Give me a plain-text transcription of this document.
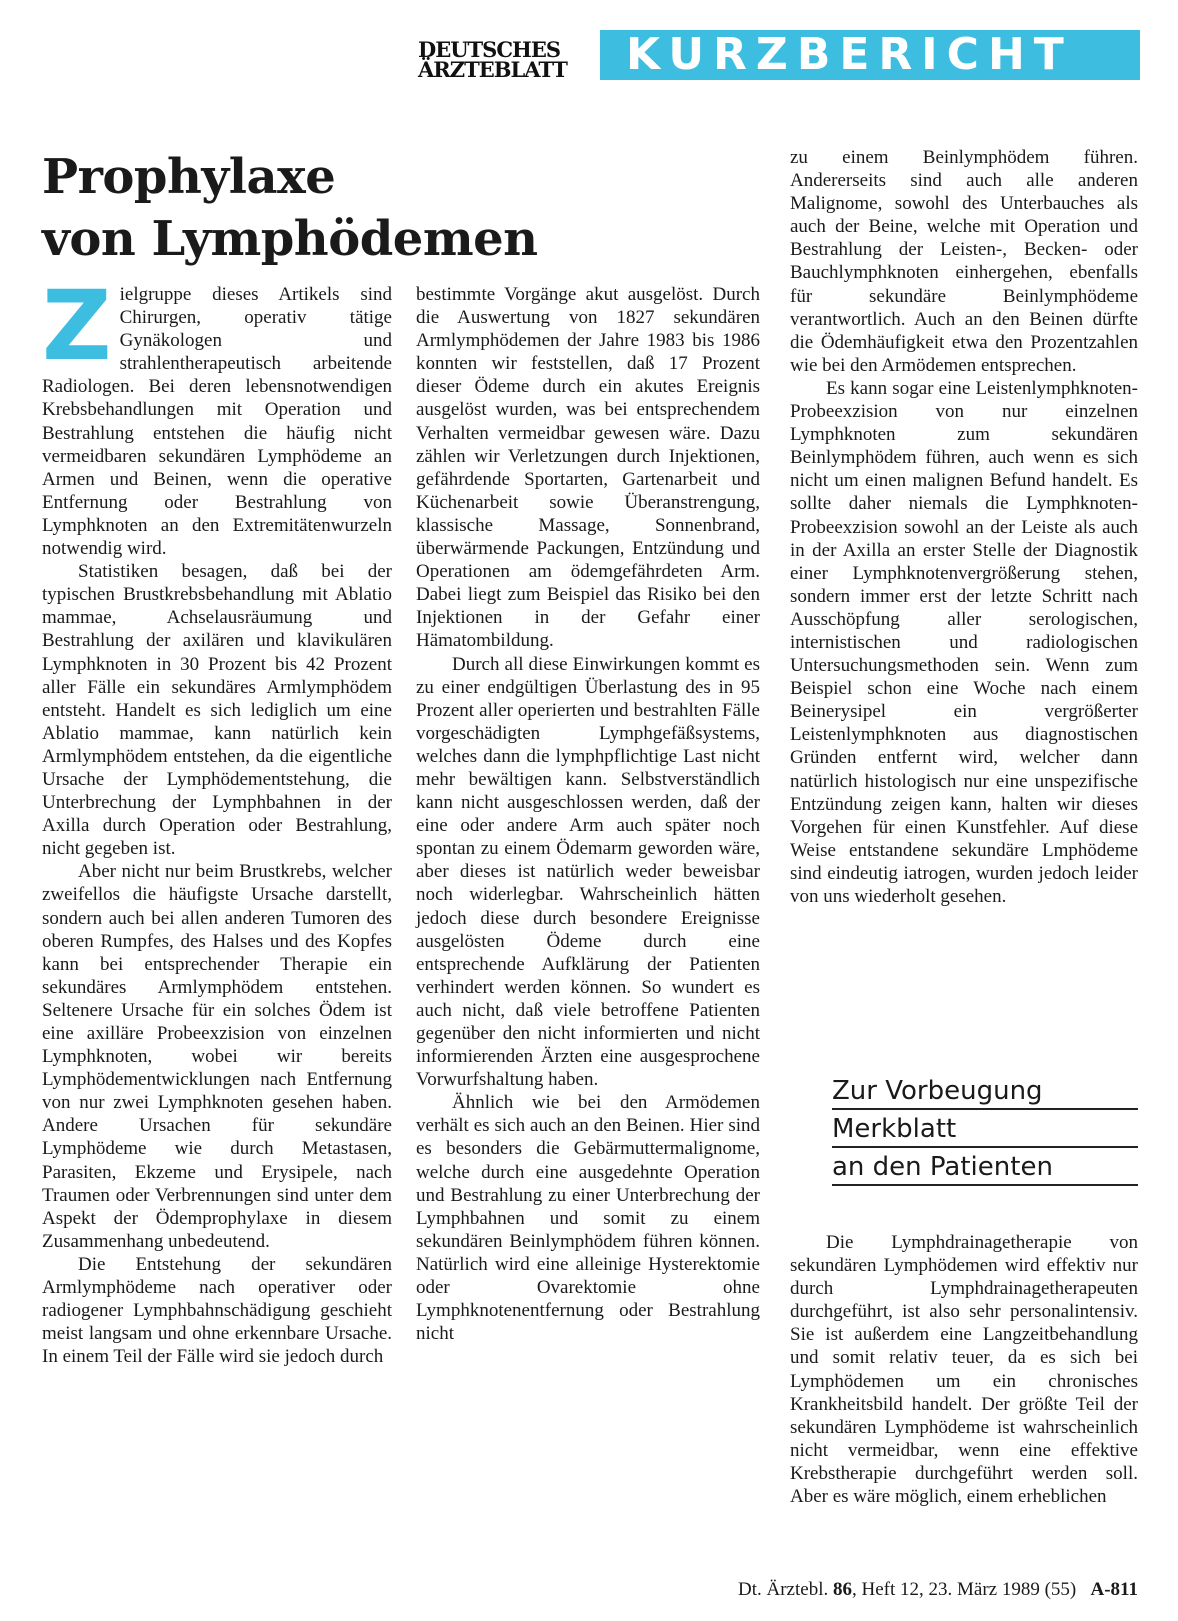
DEUTSCHES
ÄRZTEBLATT	KURZBERICHT
Prophylaxe
von Lymphödemen

Zielgruppe dieses Artikels sind Chirurgen, operativ tätige Gynäkologen und strahlentherapeutisch arbeitende Radiologen. Bei deren lebensnotwendigen Krebsbehandlungen mit Operation und Bestrahlung entstehen die häufig nicht vermeidbaren sekundären Lymphödeme an Armen und Beinen, wenn die operative Entfernung oder Bestrahlung von Lymphknoten an den Extremitätenwurzeln notwendig wird.

Statistiken besagen, daß bei der typischen Brustkrebsbehandlung mit Ablatio mammae, Achselausräumung und Bestrahlung der axilären und klavikulären Lymphknoten in 30 Prozent bis 42 Prozent aller Fälle ein sekundäres Armlymphödem entsteht. Handelt es sich lediglich um eine Ablatio mammae, kann natürlich kein Armlymphödem entstehen, da die eigentliche Ursache der Lymphödementstehung, die Unterbrechung der Lymphbahnen in der Axilla durch Operation oder Bestrahlung, nicht gegeben ist.

Aber nicht nur beim Brustkrebs, welcher zweifellos die häufigste Ursache darstellt, sondern auch bei allen anderen Tumoren des oberen Rumpfes, des Halses und des Kopfes kann bei entsprechender Therapie ein sekundäres Armlymphödem entstehen. Seltenere Ursache für ein solches Ödem ist eine axilläre Probeexzision von einzelnen Lymphknoten, wobei wir bereits Lymphödementwicklungen nach Entfernung von nur zwei Lymphknoten gesehen haben. Andere Ursachen für sekundäre Lymphödeme wie durch Metastasen, Parasiten, Ekzeme und Erysipele, nach Traumen oder Verbrennungen sind unter dem Aspekt der Ödemprophylaxe in diesem Zusammenhang unbedeutend.

Die Entstehung der sekundären Armlymphödeme nach operativer oder radiogener Lymphbahnschädigung geschieht meist langsam und ohne erkennbare Ursache. In einem Teil der Fälle wird sie jedoch durch

bestimmte Vorgänge akut ausgelöst. Durch die Auswertung von 1827 sekundären Armlymphödemen der Jahre 1983 bis 1986 konnten wir feststellen, daß 17 Prozent dieser Ödeme durch ein akutes Ereignis ausgelöst wurden, was bei entsprechendem Verhalten vermeidbar gewesen wäre. Dazu zählen wir Verletzungen durch Injektionen, gefährdende Sportarten, Gartenarbeit und Küchenarbeit sowie Überanstrengung, klassische Massage, Sonnenbrand, überwärmende Packungen, Entzündung und Operationen am ödemgefährdeten Arm. Dabei liegt zum Beispiel das Risiko bei den Injektionen in der Gefahr einer Hämatombildung.

Durch all diese Einwirkungen kommt es zu einer endgültigen Überlastung des in 95 Prozent aller operierten und bestrahlten Fälle vorgeschädigten Lymphgefäßsystems, welches dann die lymphpflichtige Last nicht mehr bewältigen kann. Selbstverständlich kann nicht ausgeschlossen werden, daß der eine oder andere Arm auch später noch spontan zu einem Ödemarm geworden wäre, aber dieses ist natürlich weder beweisbar noch widerlegbar. Wahrscheinlich hätten jedoch diese durch besondere Ereignisse ausgelösten Ödeme durch eine entsprechende Aufklärung der Patienten verhindert werden können. So wundert es auch nicht, daß viele betroffene Patienten gegenüber den nicht informierten und nicht informierenden Ärzten eine ausgesprochene Vorwurfshaltung haben.

Ähnlich wie bei den Armödemen verhält es sich auch an den Beinen. Hier sind es besonders die Gebärmuttermalignome, welche durch eine ausgedehnte Operation und Bestrahlung zu einer Unterbrechung der Lymphbahnen und somit zu einem sekundären Beinlymphödem führen können. Natürlich wird eine alleinige Hysterektomie oder Ovarektomie ohne Lymphknotenentfernung oder Bestrahlung nicht

zu einem Beinlymphödem führen. Andererseits sind auch alle anderen Malignome, sowohl des Unterbauches als auch der Beine, welche mit Operation und Bestrahlung der Leisten-, Becken- oder Bauchlymphknoten einhergehen, ebenfalls für sekundäre Beinlymphödeme verantwortlich. Auch an den Beinen dürfte die Ödemhäufigkeit etwa den Prozentzahlen wie bei den Armödemen entsprechen.

Es kann sogar eine Leistenlymphknoten-Probeexzision von nur einzelnen Lymphknoten zum sekundären Beinlymphödem führen, auch wenn es sich nicht um einen malignen Befund handelt. Es sollte daher niemals die Lymphknoten-Probeexzision sowohl an der Leiste als auch in der Axilla an erster Stelle der Diagnostik einer Lymphknotenvergrößerung stehen, sondern immer erst der letzte Schritt nach Ausschöpfung aller serologischen, internistischen und radiologischen Untersuchungsmethoden sein. Wenn zum Beispiel schon eine Woche nach einem Beinerysipel ein vergrößerter Leistenlymphknoten aus diagnostischen Gründen entfernt wird, welcher dann natürlich histologisch nur eine unspezifische Entzündung zeigen kann, halten wir dieses Vorgehen für einen Kunstfehler. Auf diese Weise entstandene sekundäre Lmphödeme sind eindeutig iatrogen, wurden jedoch leider von uns wiederholt gesehen.

Zur Vorbeugung
Merkblatt
an den Patienten

Die Lymphdrainagetherapie von sekundären Lymphödemen wird effektiv nur durch Lymphdrainagetherapeuten durchgeführt, ist also sehr personalintensiv. Sie ist außerdem eine Langzeitbehandlung und somit relativ teuer, da es sich bei Lymphödemen um ein chronisches Krankheitsbild handelt. Der größte Teil der sekundären Lymphödeme ist wahrscheinlich nicht vermeidbar, wenn eine effektive Krebstherapie durchgeführt werden soll. Aber es wäre möglich, einem erheblichen

Dt. Ärztebl. 86, Heft 12, 23. März 1989 (55) A-811
